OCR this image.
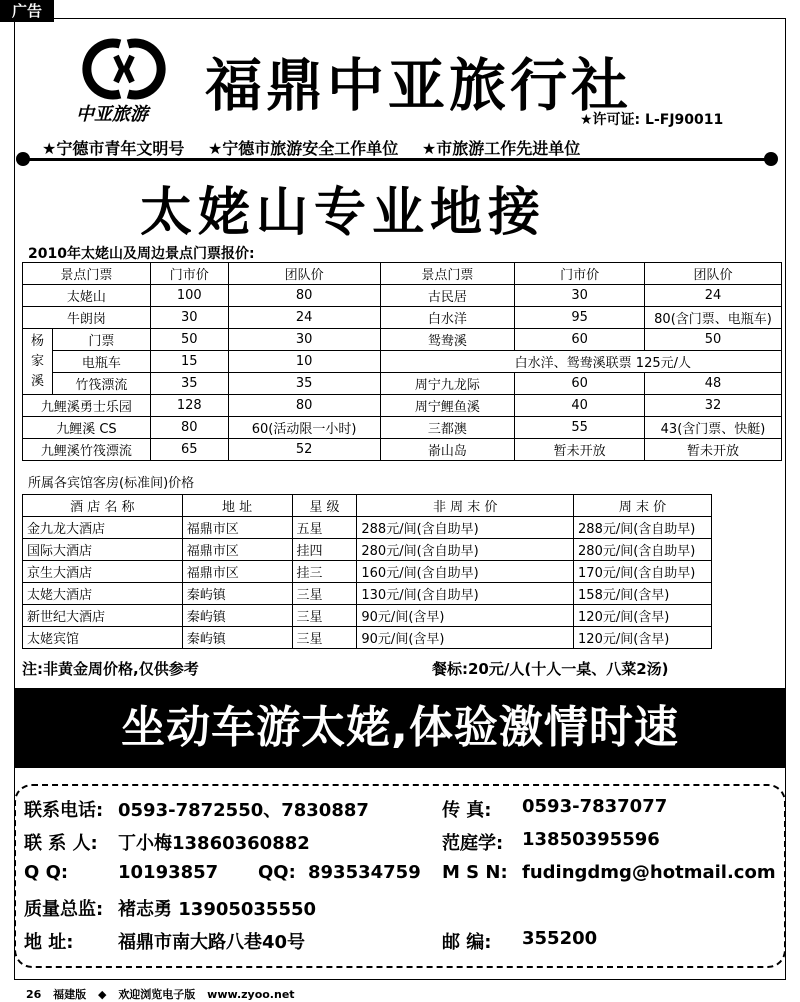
广告
中亚旅游 福鼎中亚旅行社
★许可证: L-FJ90011
★宁德市青年文明号 ★宁德市旅游安全工作单位 ★市旅游工作先进单位
太姥山专业地接
2010年太姥山及周边景点门票报价:
景点门票		门市价	团队价	景点门票	门市价	团队价
太姥山		100	80	古民居	30	24
牛朗岗		30	24	白水洋	95	80(含门票、电瓶车)
杨家溪	门票	50	30	鸳鸯溪	60	50
	电瓶车	15	10	白水洋、鸳鸯溪联票 125元/人		
	竹筏漂流	35	35	周宁九龙际	60	48
九鲤溪勇士乐园		128	80	周宁鲤鱼溪	40	32
九鲤溪 CS		80	60(活动限一小时)	三都澳	55	43(含门票、快艇)
九鲤溪竹筏漂流		65	52	嵛山岛	暂未开放	暂未开放
所属各宾馆客房(标准间)价格
酒 店 名 称	地 址	星 级	非 周 末 价	周 末 价
金九龙大酒店	福鼎市区	五星	288元/间(含自助早)	288元/间(含自助早)
国际大酒店	福鼎市区	挂四	280元/间(含自助早)	280元/间(含自助早)
京生大酒店	福鼎市区	挂三	160元/间(含自助早)	170元/间(含自助早)
太姥大酒店	秦屿镇	三星	130元/间(含自助早)	158元/间(含早)
新世纪大酒店	秦屿镇	三星	90元/间(含早)	120元/间(含早)
太姥宾馆	秦屿镇	三星	90元/间(含早)	120元/间(含早)
注:非黄金周价格,仅供参考	餐标:20元/人(十人一桌、八菜2汤)
坐动车游太姥,体验激情时速
联系电话: 0593-7872550、7830887	传 真: 0593-7837077
联 系 人: 丁小梅13860360882	范庭学: 13850395596
Q Q:	10193857 QQ: 893534759 M S N: fudingdmg@hotmail.com
质量总监: 褚志勇 13905035550
地 址: 福鼎市南大路八巷40号	邮 编: 355200
26 福建版 ◆ 欢迎浏览电子版 www.zyoo.net
